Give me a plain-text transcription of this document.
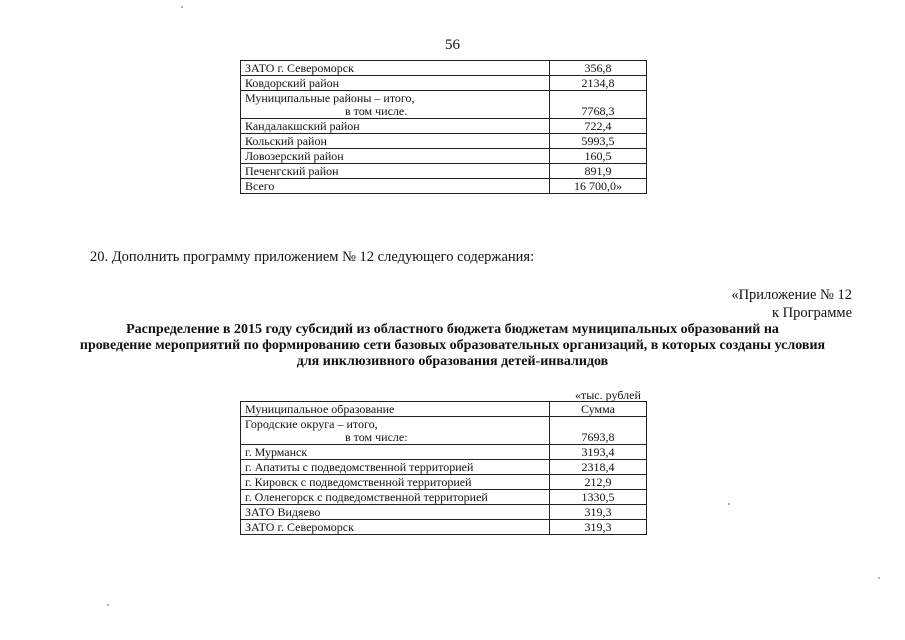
56
ЗАТО г. Североморск	356,8
Ковдорский район	2134,8
Муниципальные районы – итого,
в том числе.	7768,3
Кандалакшский район	722,4
Кольский район	5993,5
Ловозерский район	160,5
Печенгский район	891,9
Всего	16 700,0»
20. Дополнить программу приложением № 12 следующего содержания:
«Приложение № 12
к Программе
Распределение в 2015 году субсидий из областного бюджета бюджетам муниципальных образований на
проведение мероприятий по формированию сети базовых образовательных организаций, в которых созданы условия
для инклюзивного образования детей-инвалидов
«тыс. рублей
Муниципальное образование	Сумма
Городские округа – итого,
в том числе:	7693,8
г. Мурманск	3193,4
г. Апатиты с подведомственной территорией	2318,4
г. Кировск с подведомственной территорией	212,9
г. Оленегорск с подведомственной территорией	1330,5
ЗАТО Видяево	319,3
ЗАТО г. Североморск	319,3
